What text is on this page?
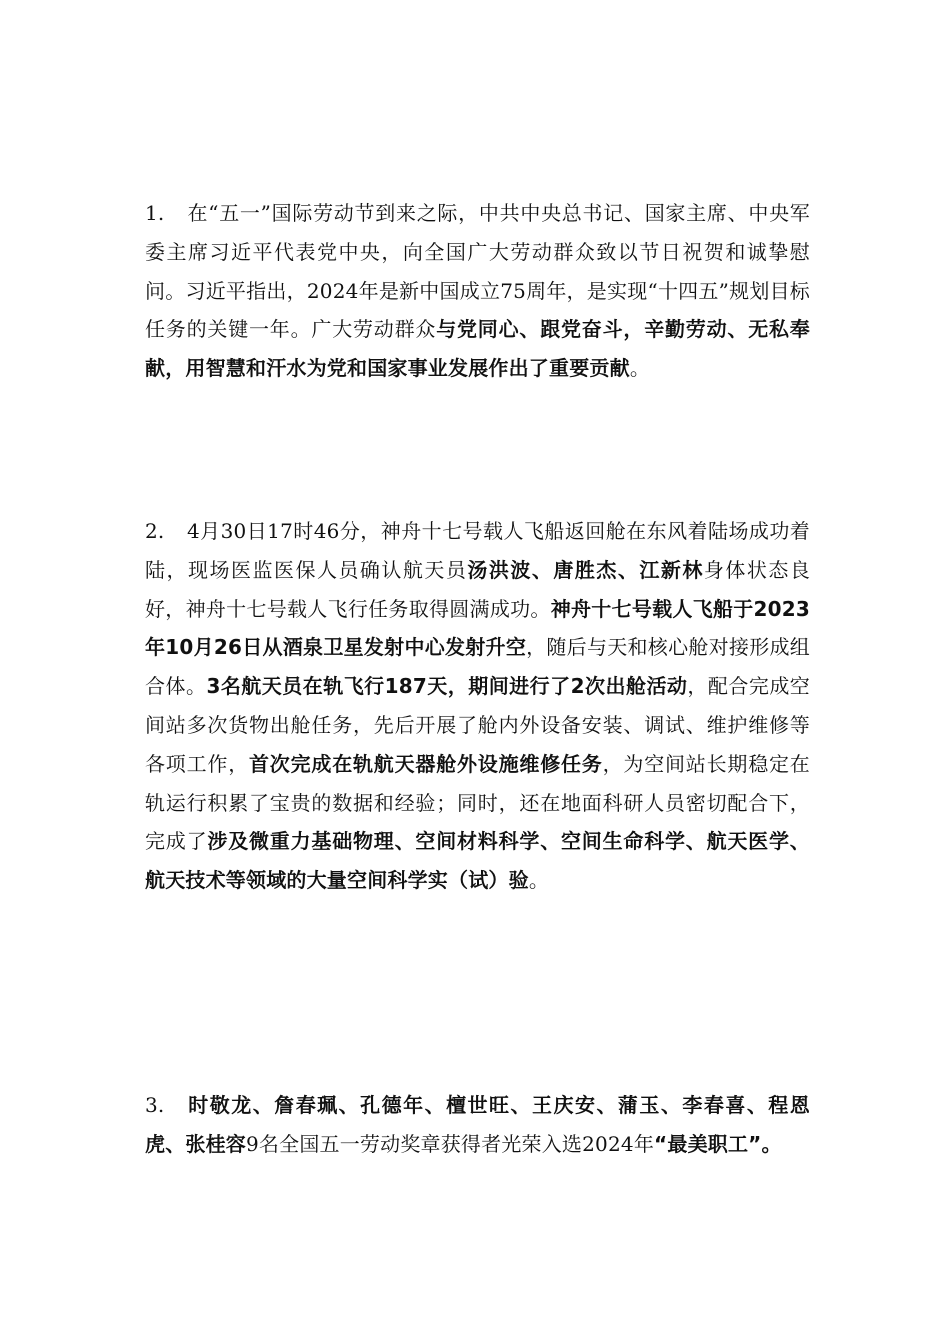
1. 在“五一”国际劳动节到来之际，中共中央总书记、国家主席、中央军委主席习近平代表党中央，向全国广大劳动群众致以节日祝贺和诚挚慰问。习近平指出，2024年是新中国成立75周年，是实现“十四五”规划目标任务的关键一年。广大劳动群众与党同心、跟党奋斗，辛勤劳动、无私奉献，用智慧和汗水为党和国家事业发展作出了重要贡献。

2. 4月30日17时46分，神舟十七号载人飞船返回舱在东风着陆场成功着陆，现场医监医保人员确认航天员汤洪波、唐胜杰、江新林身体状态良好，神舟十七号载人飞行任务取得圆满成功。神舟十七号载人飞船于2023年10月26日从酒泉卫星发射中心发射升空，随后与天和核心舱对接形成组合体。3名航天员在轨飞行187天，期间进行了2次出舱活动，配合完成空间站多次货物出舱任务，先后开展了舱内外设备安装、调试、维护维修等各项工作，首次完成在轨航天器舱外设施维修任务，为空间站长期稳定在轨运行积累了宝贵的数据和经验；同时，还在地面科研人员密切配合下，完成了涉及微重力基础物理、空间材料科学、空间生命科学、航天医学、航天技术等领域的大量空间科学实（试）验。

3. 时敬龙、詹春珮、孔德年、檀世旺、王庆安、蒲玉、李春喜、程恩虎、张桂容9名全国五一劳动奖章获得者光荣入选2024年“最美职工”。
